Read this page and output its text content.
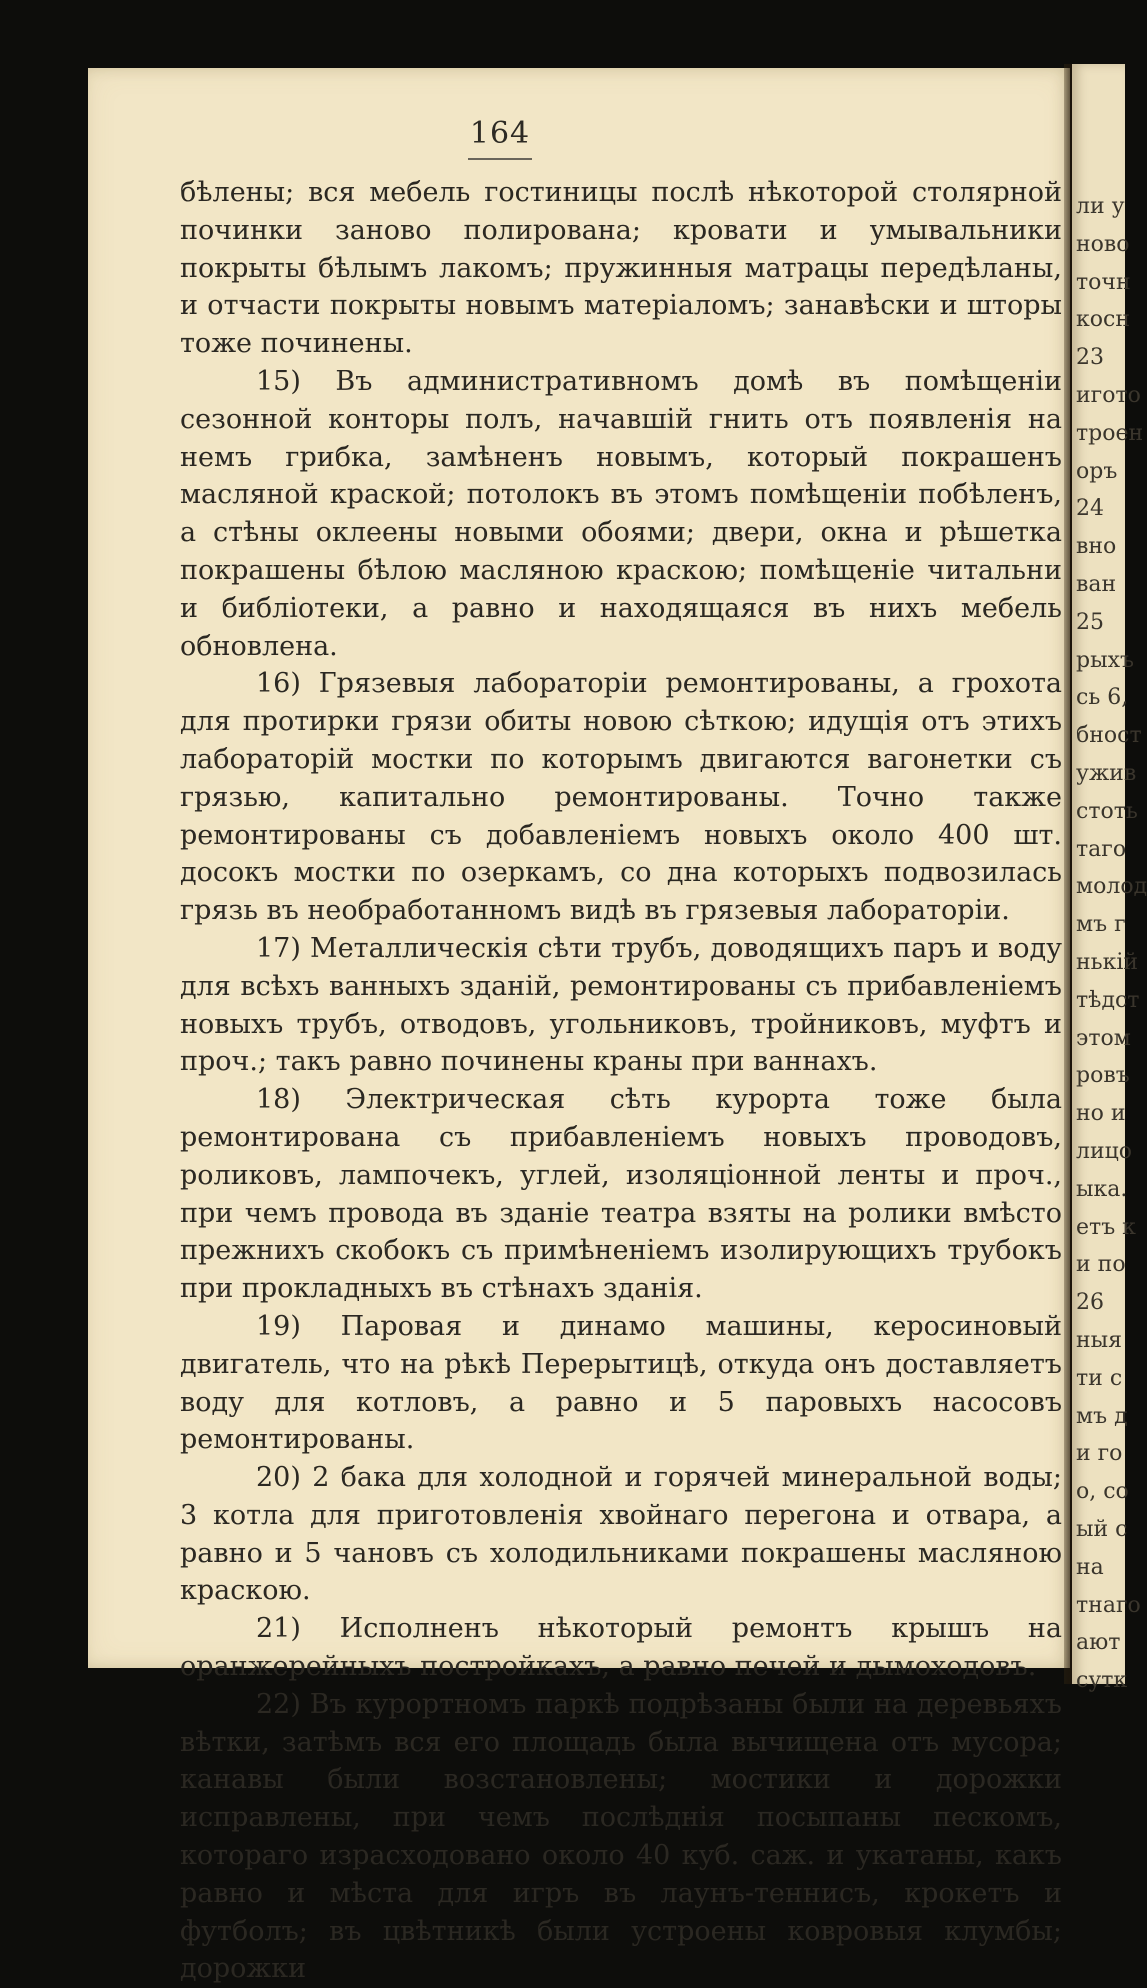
164

бѣлены; вся мебель гостиницы послѣ нѣкоторой столярной починки заново полирована; кровати и умывальники покрыты бѣлымъ лакомъ; пружинныя матрацы передѣланы, и отчасти покрыты новымъ матеріаломъ; занавѣски и шторы тоже починены.

15) Въ административномъ домѣ въ помѣщеніи сезонной конторы полъ, начавшій гнить отъ появленія на немъ грибка, замѣненъ новымъ, который покрашенъ масляной краской; потолокъ въ этомъ помѣщеніи побѣленъ, а стѣны оклеены новыми обоями; двери, окна и рѣшетка покрашены бѣлою масляною краскою; помѣщеніе читальни и библіотеки, а равно и находящаяся въ нихъ мебель обновлена.

16) Грязевыя лабораторіи ремонтированы, а грохота для протирки грязи обиты новою сѣткою; идущія отъ этихъ лабораторій мостки по которымъ двигаются вагонетки съ грязью, капитально ремонтированы. Точно также ремонтированы съ добавленіемъ новыхъ около 400 шт. досокъ мостки по озеркамъ, со дна которыхъ подвозилась грязь въ необработанномъ видѣ въ грязевыя лабораторіи.

17) Металлическія сѣти трубъ, доводящихъ паръ и воду для всѣхъ ванныхъ зданій, ремонтированы съ прибавленіемъ новыхъ трубъ, отводовъ, угольниковъ, тройниковъ, муфтъ и проч.; такъ равно починены краны при ваннахъ.

18) Электрическая сѣть курорта тоже была ремонтирована съ прибавленіемъ новыхъ проводовъ, роликовъ, лампочекъ, углей, изоляціонной ленты и проч., при чемъ провода въ зданіе театра взяты на ролики вмѣсто прежнихъ скобокъ съ примѣненіемъ изолирующихъ трубокъ при прокладныхъ въ стѣнахъ зданія.

19) Паровая и динамо машины, керосиновый двигатель, что на рѣкѣ Перерытицѣ, откуда онъ доставляетъ воду для котловъ, а равно и 5 паровыхъ насосовъ ремонтированы.

20) 2 бака для холодной и горячей минеральной воды; 3 котла для приготовленія хвойнаго перегона и отвара, а равно и 5 чановъ съ холодильниками покрашены масляною краскою.

21) Исполненъ нѣкоторый ремонтъ крышъ на оранжерейныхъ постройкахъ, а равно печей и дымоходовъ.

22) Въ курортномъ паркѣ подрѣзаны были на деревьяхъ вѣтки, затѣмъ вся его площадь была вычищена отъ мусора; канавы были возстановлены; мостики и дорожки исправлены, при чемъ послѣднія посыпаны пескомъ, котораго израсходовано около 40 куб. саж. и укатаны, какъ равно и мѣста для игръ въ лаунъ-теннисъ, крокетъ и футболъ; въ цвѣтникѣ были устроены ковровыя клумбы; дорожки

ли у
ново
точн
косн
23
игото
троен
оръ
24
вно
ван
25
рыхъ
сь 6,
бност
ужив
стоть
таго
молод
мъ г
нькій
тѣдст
этом
ровъ
но и
лицо
ыка.
етъ к
и по
26
ныя
ти с
мъ д
и го
о, со
ый с
на
тнаго
ают
сутк
